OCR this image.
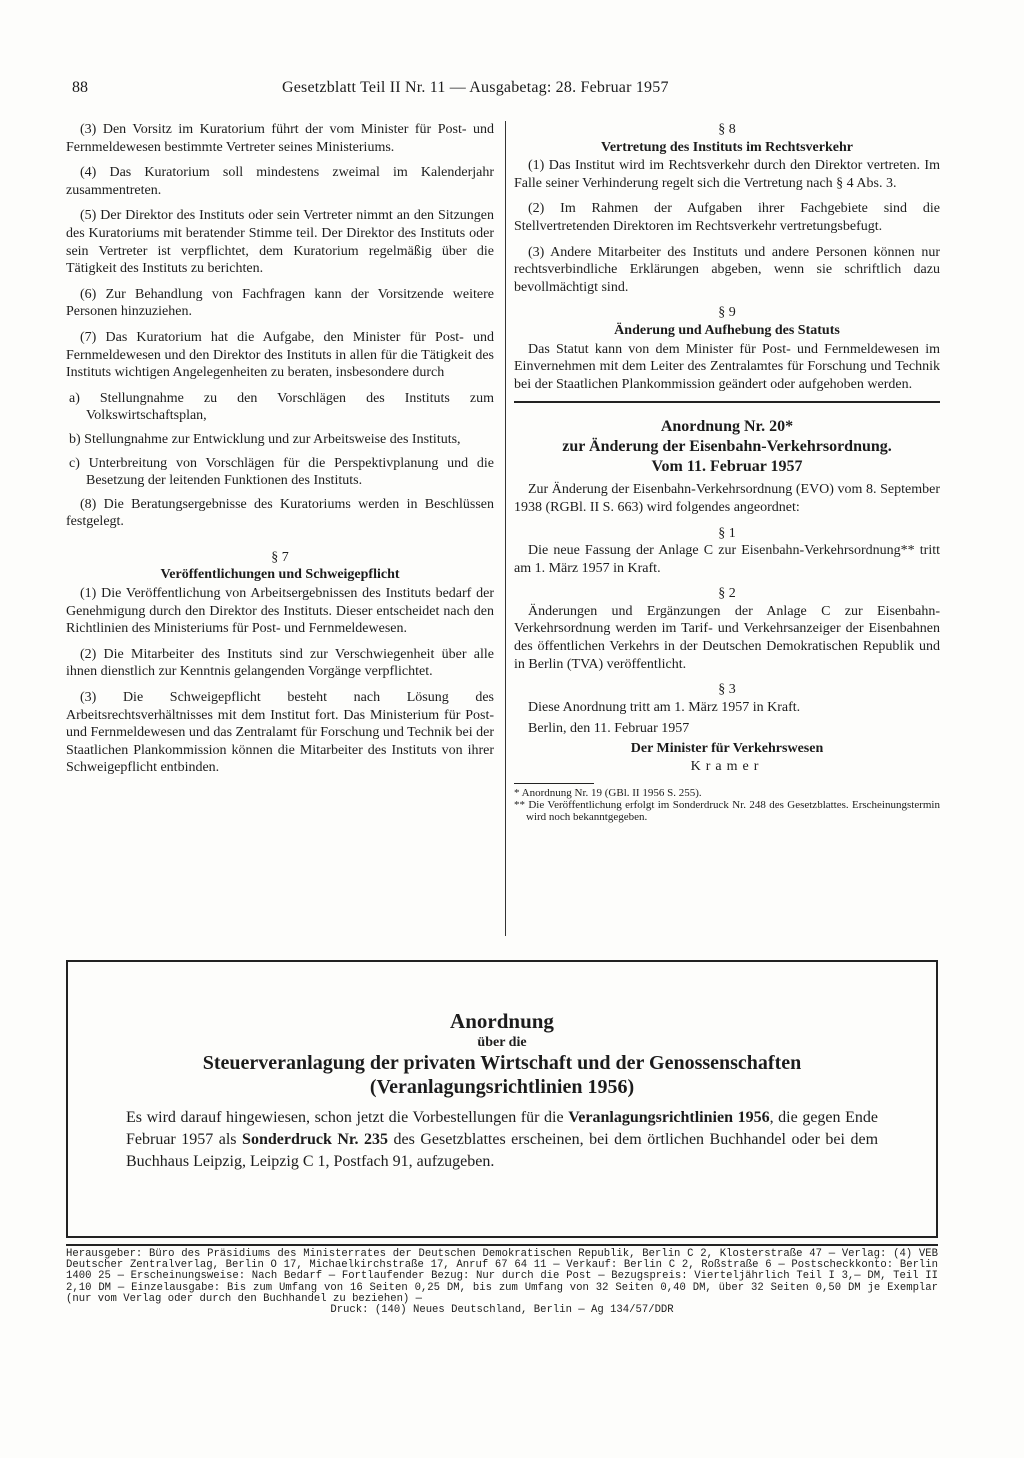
88	Gesetzblatt Teil II Nr. 11 — Ausgabetag: 28. Februar 1957

(3) Den Vorsitz im Kuratorium führt der vom Minister für Post- und Fernmeldewesen bestimmte Vertreter seines Ministeriums.

(4) Das Kuratorium soll mindestens zweimal im Kalenderjahr zusammentreten.

(5) Der Direktor des Instituts oder sein Vertreter nimmt an den Sitzungen des Kuratoriums mit beratender Stimme teil. Der Direktor des Instituts oder sein Vertreter ist verpflichtet, dem Kuratorium regelmäßig über die Tätigkeit des Instituts zu berichten.

(6) Zur Behandlung von Fachfragen kann der Vorsitzende weitere Personen hinzuziehen.

(7) Das Kuratorium hat die Aufgabe, den Minister für Post- und Fernmeldewesen und den Direktor des Instituts in allen für die Tätigkeit des Instituts wichtigen Angelegenheiten zu beraten, insbesondere durch

a) Stellungnahme zu den Vorschlägen des Instituts zum Volkswirtschaftsplan,

b) Stellungnahme zur Entwicklung und zur Arbeitsweise des Instituts,

c) Unterbreitung von Vorschlägen für die Perspektivplanung und die Besetzung der leitenden Funktionen des Instituts.

(8) Die Beratungsergebnisse des Kuratoriums werden in Beschlüssen festgelegt.

§ 7

Veröffentlichungen und Schweigepflicht

(1) Die Veröffentlichung von Arbeitsergebnissen des Instituts bedarf der Genehmigung durch den Direktor des Instituts. Dieser entscheidet nach den Richtlinien des Ministeriums für Post- und Fernmeldewesen.

(2) Die Mitarbeiter des Instituts sind zur Verschwiegenheit über alle ihnen dienstlich zur Kenntnis gelangenden Vorgänge verpflichtet.

(3) Die Schweigepflicht besteht nach Lösung des Arbeitsrechtsverhältnisses mit dem Institut fort. Das Ministerium für Post- und Fernmeldewesen und das Zentralamt für Forschung und Technik bei der Staatlichen Plankommission können die Mitarbeiter des Instituts von ihrer Schweigepflicht entbinden.

§ 8

Vertretung des Instituts im Rechtsverkehr

(1) Das Institut wird im Rechtsverkehr durch den Direktor vertreten. Im Falle seiner Verhinderung regelt sich die Vertretung nach § 4 Abs. 3.

(2) Im Rahmen der Aufgaben ihrer Fachgebiete sind die Stellvertretenden Direktoren im Rechtsverkehr vertretungsbefugt.

(3) Andere Mitarbeiter des Instituts und andere Personen können nur rechtsverbindliche Erklärungen abgeben, wenn sie schriftlich dazu bevollmächtigt sind.

§ 9

Änderung und Aufhebung des Statuts

Das Statut kann von dem Minister für Post- und Fernmeldewesen im Einvernehmen mit dem Leiter des Zentralamtes für Forschung und Technik bei der Staatlichen Plankommission geändert oder aufgehoben werden.

Anordnung Nr. 20*

zur Änderung der Eisenbahn-Verkehrsordnung.

Vom 11. Februar 1957

Zur Änderung der Eisenbahn-Verkehrsordnung (EVO) vom 8. September 1938 (RGBl. II S. 663) wird folgendes angeordnet:

§ 1

Die neue Fassung der Anlage C zur Eisenbahn-Verkehrsordnung** tritt am 1. März 1957 in Kraft.

§ 2

Änderungen und Ergänzungen der Anlage C zur Eisenbahn-Verkehrsordnung werden im Tarif- und Verkehrsanzeiger der Eisenbahnen des öffentlichen Verkehrs in der Deutschen Demokratischen Republik und in Berlin (TVA) veröffentlicht.

§ 3

Diese Anordnung tritt am 1. März 1957 in Kraft.

Berlin, den 11. Februar 1957

Der Minister für Verkehrswesen

Kramer

* Anordnung Nr. 19 (GBl. II 1956 S. 255).

** Die Veröffentlichung erfolgt im Sonderdruck Nr. 248 des Gesetzblattes. Erscheinungstermin wird noch bekanntgegeben.

Anordnung

über die

Steuerveranlagung der privaten Wirtschaft und der Genossenschaften

(Veranlagungsrichtlinien 1956)

Es wird darauf hingewiesen, schon jetzt die Vorbestellungen für die Veranlagungsrichtlinien 1956, die gegen Ende Februar 1957 als Sonderdruck Nr. 235 des Gesetzblattes erscheinen, bei dem örtlichen Buchhandel oder bei dem Buchhaus Leipzig, Leipzig C 1, Postfach 91, aufzugeben.

Herausgeber: Büro des Präsidiums des Ministerrates der Deutschen Demokratischen Republik, Berlin C 2, Klosterstraße 47 — Verlag: (4) VEB Deutscher Zentralverlag, Berlin O 17, Michaelkirchstraße 17, Anruf 67 64 11 — Verkauf: Berlin C 2, Roßstraße 6 — Postscheckkonto: Berlin 1400 25 — Erscheinungsweise: Nach Bedarf — Fortlaufender Bezug: Nur durch die Post — Bezugspreis: Vierteljährlich Teil I 3,— DM, Teil II 2,10 DM — Einzelausgabe: Bis zum Umfang von 16 Seiten 0,25 DM, bis zum Umfang von 32 Seiten 0,40 DM, über 32 Seiten 0,50 DM je Exemplar (nur vom Verlag oder durch den Buchhandel zu beziehen) —

Druck: (140) Neues Deutschland, Berlin — Ag 134/57/DDR
